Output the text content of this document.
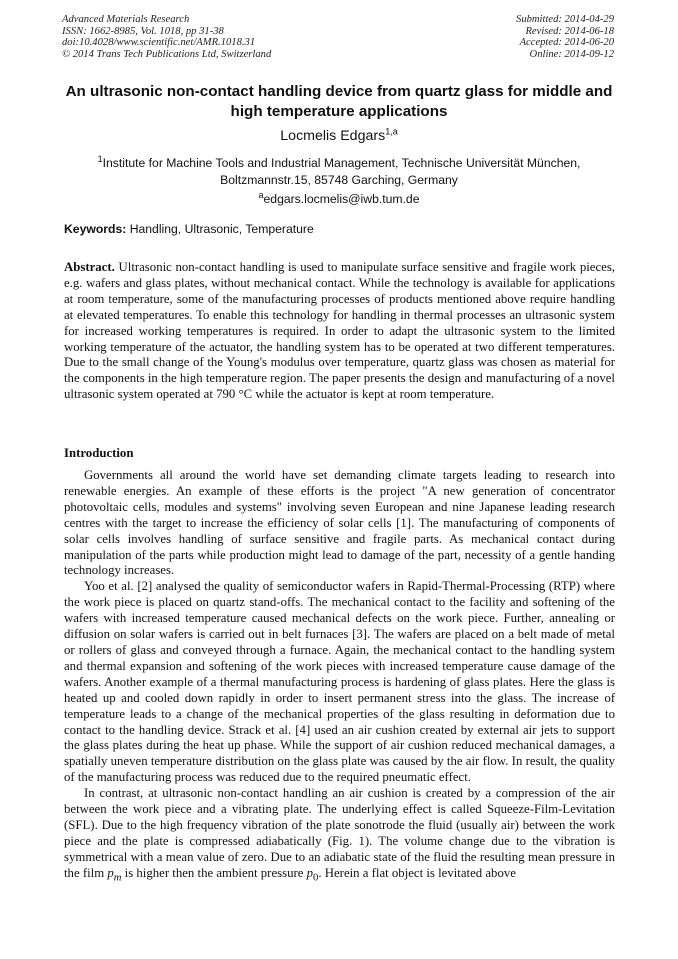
Advanced Materials Research
ISSN: 1662-8985, Vol. 1018, pp 31-38
doi:10.4028/www.scientific.net/AMR.1018.31
© 2014 Trans Tech Publications Ltd, Switzerland
Submitted: 2014-04-29
Revised: 2014-06-18
Accepted: 2014-06-20
Online: 2014-09-12
An ultrasonic non-contact handling device from quartz glass for middle and high temperature applications
Locmelis Edgars$^{1,a}$
$^1$Institute for Machine Tools and Industrial Management, Technische Universität München,
Boltzmannstr.15, 85748 Garching, Germany
$^a$edgars.locmelis@iwb.tum.de
Keywords: Handling, Ultrasonic, Temperature
Abstract. Ultrasonic non-contact handling is used to manipulate surface sensitive and fragile work pieces, e.g. wafers and glass plates, without mechanical contact. While the technology is available for applications at room temperature, some of the manufacturing processes of products mentioned above require handling at elevated temperatures. To enable this technology for handling in thermal processes an ultrasonic system for increased working temperatures is required. In order to adapt the ultrasonic system to the limited working temperature of the actuator, the handling system has to be operated at two different temperatures. Due to the small change of the Young's modulus over temperature, quartz glass was chosen as material for the components in the high temperature region. The paper presents the design and manufacturing of a novel ultrasonic system operated at 790 °C while the actuator is kept at room temperature.
Introduction

Governments all around the world have set demanding climate targets leading to research into renewable energies. An example of these efforts is the project "A new generation of concentrator photovoltaic cells, modules and systems" involving seven European and nine Japanese leading research centres with the target to increase the efficiency of solar cells [1]. The manufacturing of components of solar cells involves handling of surface sensitive and fragile parts. As mechanical contact during manipulation of the parts while production might lead to damage of the part, necessity of a gentle handing technology increases.

Yoo et al. [2] analysed the quality of semiconductor wafers in Rapid-Thermal-Processing (RTP) where the work piece is placed on quartz stand-offs. The mechanical contact to the facility and softening of the wafers with increased temperature caused mechanical defects on the work piece. Further, annealing or diffusion on solar wafers is carried out in belt furnaces [3]. The wafers are placed on a belt made of metal or rollers of glass and conveyed through a furnace. Again, the mechanical contact to the handling system and thermal expansion and softening of the work pieces with increased temperature cause damage of the wafers. Another example of a thermal manufacturing process is hardening of glass plates. Here the glass is heated up and cooled down rapidly in order to insert permanent stress into the glass. The increase of temperature leads to a change of the mechanical properties of the glass resulting in deformation due to contact to the handling device. Strack et al. [4] used an air cushion created by external air jets to support the glass plates during the heat up phase. While the support of air cushion reduced mechanical damages, a spatially uneven temperature distribution on the glass plate was caused by the air flow. In result, the quality of the manufacturing process was reduced due to the required pneumatic effect.

In contrast, at ultrasonic non-contact handling an air cushion is created by a compression of the air between the work piece and a vibrating plate. The underlying effect is called Squeeze-Film-Levitation (SFL). Due to the high frequency vibration of the plate sonotrode the fluid (usually air) between the work piece and the plate is compressed adiabatically (Fig. 1). The volume change due to the vibration is symmetrical with a mean value of zero. Due to an adiabatic state of the fluid the resulting mean pressure in the film $p_m$ is higher then the ambient pressure $p_0$. Herein a flat object is levitated above
